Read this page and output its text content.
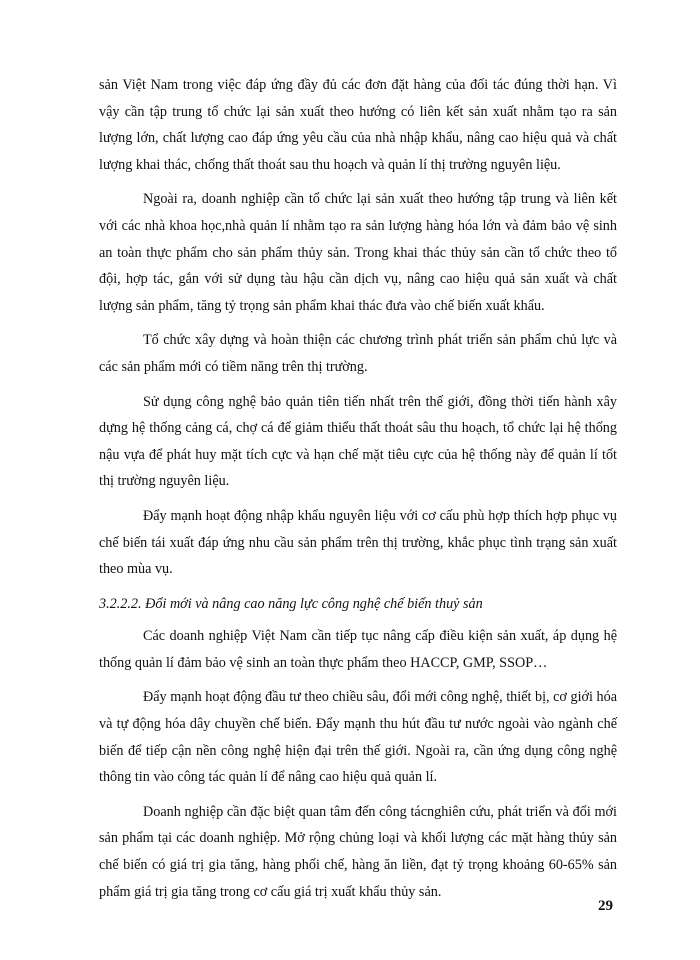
sản Việt Nam trong việc đáp ứng đầy đủ các đơn đặt hàng của đối tác đúng thời hạn. Vì vậy cần tập trung tổ chức lại sản xuất theo hướng có liên kết sản xuất nhằm tạo ra sản lượng lớn, chất lượng cao đáp ứng yêu cầu của nhà nhập khẩu, nâng cao hiệu quả và chất lượng khai thác, chống thất thoát sau thu hoạch và quản lí thị trường nguyên liệu.

Ngoài ra, doanh nghiệp cần tổ chức lại sản xuất theo hướng tập trung và liên kết với các nhà khoa học,nhà quản lí nhằm tạo ra sản lượng hàng hóa lớn và đảm bảo vệ sinh an toàn thực phẩm cho sản phẩm thủy sản. Trong khai thác thủy sản cần tổ chức theo tổ đội, hợp tác, gắn với sử dụng tàu hậu cần dịch vụ, nâng cao hiệu quả sản xuất và chất lượng sản phẩm, tăng tỷ trọng sản phẩm khai thác đưa vào chế biến xuất khẩu.

Tổ chức xây dựng và hoàn thiện các chương trình phát triển sản phẩm chủ lực và các sản phẩm mới có tiềm năng trên thị trường.

Sử dụng công nghệ bảo quản tiên tiến nhất trên thế giới, đồng thời tiến hành xây dựng hệ thống cảng cá, chợ cá để giảm thiểu thất thoát sâu thu hoạch, tổ chức lại hệ thống nậu vựa để phát huy mặt tích cực và hạn chế mặt tiêu cực của hệ thống này để quản lí tốt thị trường nguyên liệu.

Đẩy mạnh hoạt động nhập khẩu nguyên liệu với cơ cấu phù hợp thích hợp phục vụ chế biến tái xuất đáp ứng nhu cầu sản phẩm trên thị trường, khắc phục tình trạng sản xuất theo mùa vụ.

3.2.2.2. Đổi mới và nâng cao năng lực công nghệ chế biến thuỷ sản

Các doanh nghiệp Việt Nam cần tiếp tục nâng cấp điều kiện sản xuất, áp dụng hệ thống quản lí đảm bảo vệ sinh an toàn thực phẩm theo HACCP, GMP, SSOP…

Đẩy mạnh hoạt động đầu tư theo chiều sâu, đổi mới công nghệ, thiết bị, cơ giới hóa và tự động hóa dây chuyền chế biến. Đẩy mạnh thu hút đầu tư nước ngoài vào ngành chế biến để tiếp cận nền công nghệ hiện đại trên thế giới. Ngoài ra, cần ứng dụng công nghệ thông tin vào công tác quản lí để nâng cao hiệu quả quản lí.

Doanh nghiệp cần đặc biệt quan tâm đến công tácnghiên cứu, phát triển và đổi mới sản phẩm tại các doanh nghiệp. Mở rộng chủng loại và khối lượng các mặt hàng thủy sản chế biến có giá trị gia tăng, hàng phối chế, hàng ăn liền, đạt tỷ trọng khoảng 60-65% sản phẩm giá trị gia tăng trong cơ cấu giá trị xuất khẩu thủy sản.

29
